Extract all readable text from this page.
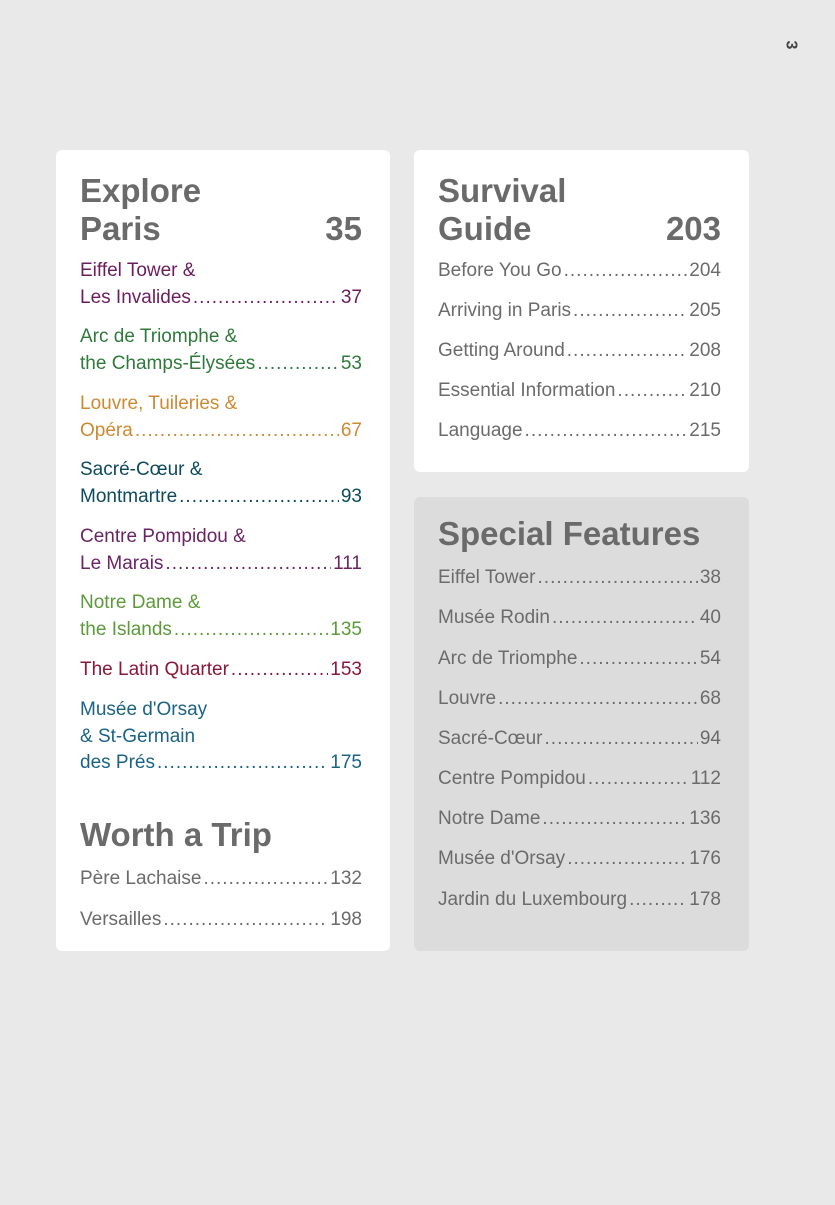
3
Explore
Paris	35
Eiffel Tower &
Les Invalides .....	37
Arc de Triomphe &
the Champs-Élysées .....	53
Louvre, Tuileries &
Opéra .....	67
Sacré-Cœur &
Montmartre .....	93
Centre Pompidou &
Le Marais .....	111
Notre Dame &
the Islands .....	135
The Latin Quarter .....	153
Musée d'Orsay
& St-Germain
des Prés .....	175
Worth a Trip
Père Lachaise .....	132
Versailles .....	198
Survival
Guide	203
Before You Go .....	204
Arriving in Paris .....	205
Getting Around .....	208
Essential Information .....	210
Language .....	215
Special Features
Eiffel Tower .....	38
Musée Rodin .....	40
Arc de Triomphe .....	54
Louvre .....	68
Sacré-Cœur .....	94
Centre Pompidou .....	112
Notre Dame .....	136
Musée d'Orsay .....	176
Jardin du Luxembourg .....	178
